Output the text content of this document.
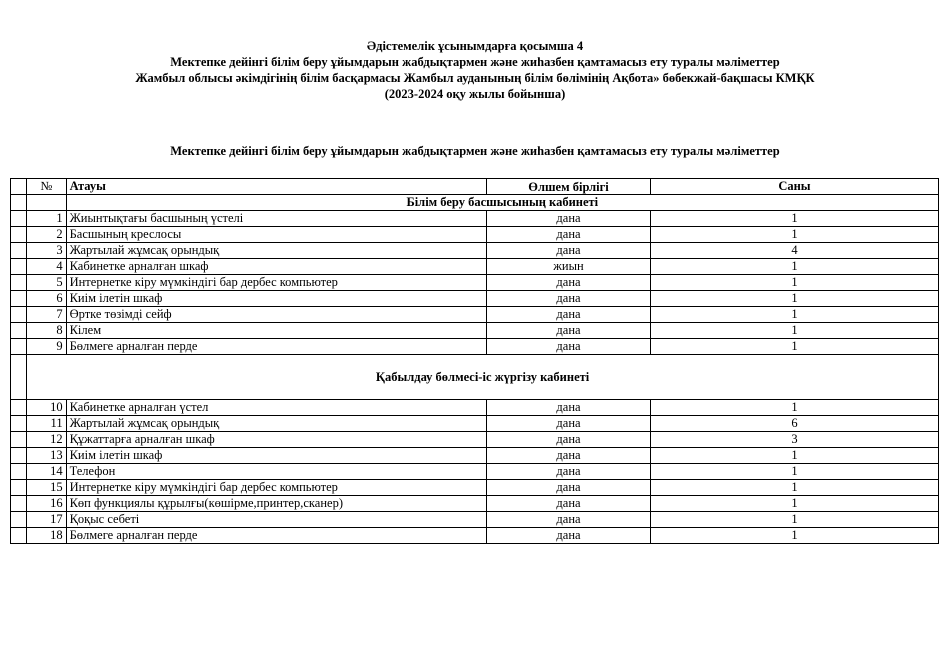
Әдістемелік ұсынымдарға қосымша 4
Мектепке дейінгі білім беру ұйымдарын жабдықтармен және жиһазбен қамтамасыз ету туралы мәліметтер
Жамбыл облысы әкімдігінің білім басқармасы Жамбыл ауданының білім бөлімінің Ақбота» бөбекжай-бақшасы КМҚК
(2023-2024 оқу жылы бойынша)
Мектепке дейінгі білім беру ұйымдарын жабдықтармен және жиһазбен қамтамасыз ету туралы мәліметтер
	№	Атауы	Өлшем бірлігі	Саны
		Білім беру басшысының кабинеті		
	1	Жиынтықтағы басшының үстелі	дана	1
	2	Басшының креслосы	дана	1
	3	Жартылай жұмсақ орындық	дана	4
	4	Кабинетке арналған шкаф	жиын	1
	5	Интернетке кіру мүмкіндігі бар дербес компьютер	дана	1
	6	Киім ілетін шкаф	дана	1
	7	Өртке төзімді сейф	дана	1
	8	Кілем	дана	1
	9	Бөлмеге арналған перде	дана	1
	Қабылдау бөлмесі-іс жүргізу кабинеті			
	10	Кабинетке арналған үстел	дана	1
	11	Жартылай жұмсақ орындық	дана	6
	12	Құжаттарға арналған шкаф	дана	3
	13	Киім ілетін шкаф	дана	1
	14	Телефон	дана	1
	15	Интернетке кіру мүмкіндігі бар дербес компьютер	дана	1
	16	Көп функциялы құрылғы(көшірме,принтер,сканер)	дана	1
	17	Қоқыс себеті	дана	1
	18	Бөлмеге арналған перде	дана	1
